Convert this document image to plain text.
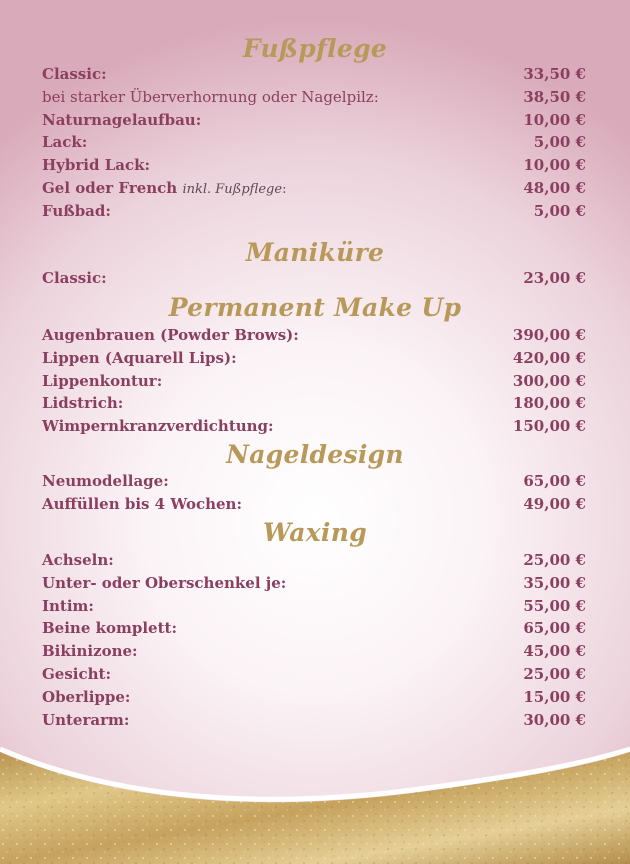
Fußpflege
Classic:	33,50 €
bei starker Überverhornung oder Nagelpilz:	38,50 €
Naturnagelaufbau:	10,00 €
Lack:	5,00 €
Hybrid Lack:	10,00 €
Gel oder French inkl. Fußpflege:	48,00 €
Fußbad:	5,00 €
Maniküre
Classic:	23,00 €
Permanent Make Up
Augenbrauen (Powder Brows):	390,00 €
Lippen (Aquarell Lips):	420,00 €
Lippenkontur:	300,00 €
Lidstrich:	180,00 €
Wimpernkranzverdichtung:	150,00 €
Nageldesign
Neumodellage:	65,00 €
Auffüllen bis 4 Wochen:	49,00 €
Waxing
Achseln:	25,00 €
Unter- oder Oberschenkel je:	35,00 €
Intim:	55,00 €
Beine komplett:	65,00 €
Bikinizone:	45,00 €
Gesicht:	25,00 €
Oberlippe:	15,00 €
Unterarm:	30,00 €
